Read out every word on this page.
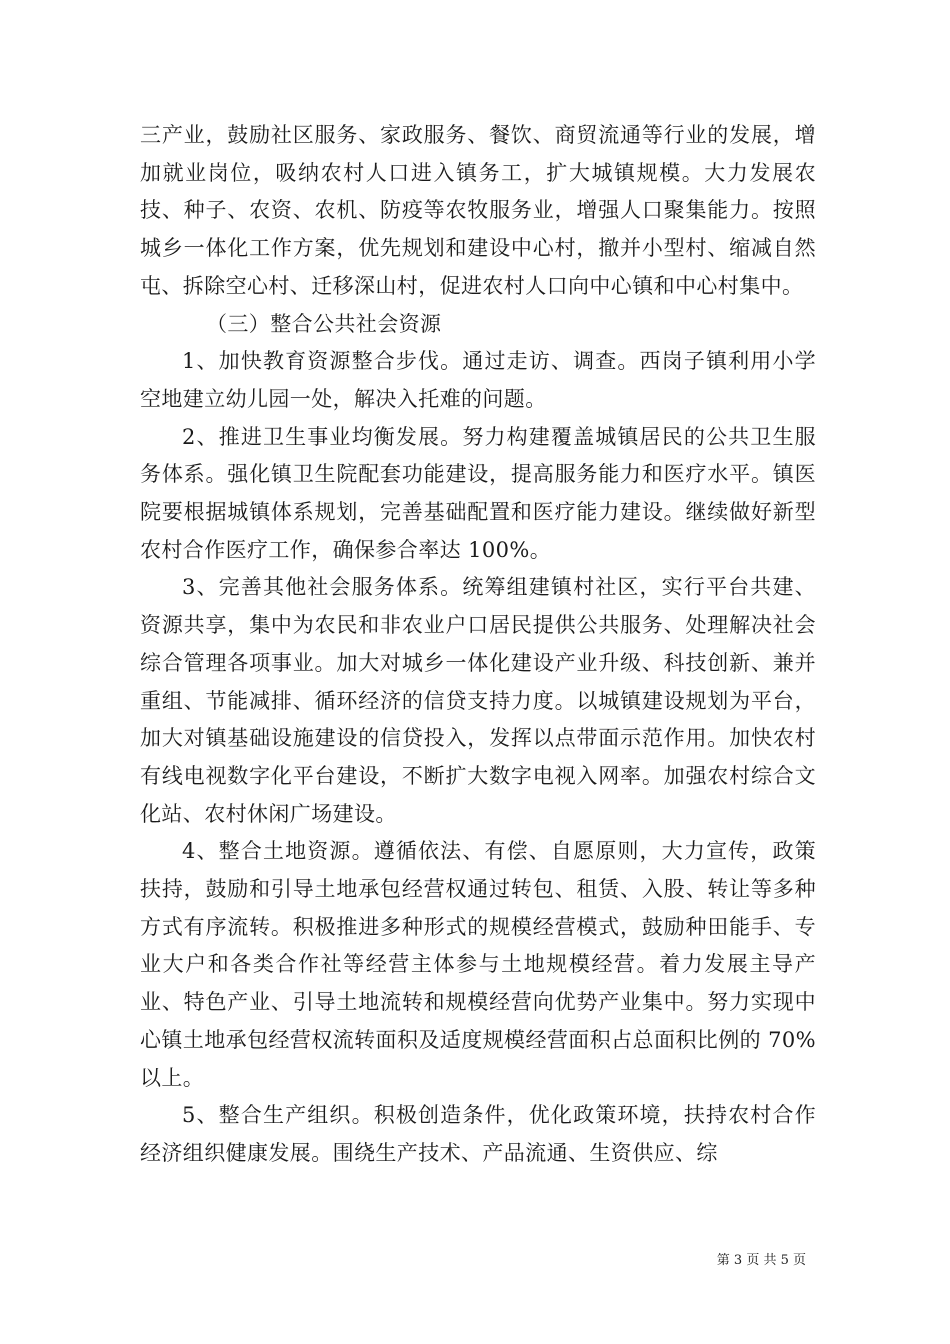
三产业，鼓励社区服务、家政服务、餐饮、商贸流通等行业的发展，增加就业岗位，吸纳农村人口进入镇务工，扩大城镇规模。大力发展农技、种子、农资、农机、防疫等农牧服务业，增强人口聚集能力。按照城乡一体化工作方案，优先规划和建设中心村，撤并小型村、缩减自然屯、拆除空心村、迁移深山村，促进农村人口向中心镇和中心村集中。

（三）整合公共社会资源

1、加快教育资源整合步伐。通过走访、调查。西岗子镇利用小学空地建立幼儿园一处，解决入托难的问题。

2、推进卫生事业均衡发展。努力构建覆盖城镇居民的公共卫生服务体系。强化镇卫生院配套功能建设，提高服务能力和医疗水平。镇医院要根据城镇体系规划，完善基础配置和医疗能力建设。继续做好新型农村合作医疗工作，确保参合率达 100%。

3、完善其他社会服务体系。统筹组建镇村社区，实行平台共建、资源共享，集中为农民和非农业户口居民提供公共服务、处理解决社会综合管理各项事业。加大对城乡一体化建设产业升级、科技创新、兼并重组、节能减排、循环经济的信贷支持力度。以城镇建设规划为平台，加大对镇基础设施建设的信贷投入，发挥以点带面示范作用。加快农村有线电视数字化平台建设，不断扩大数字电视入网率。加强农村综合文化站、农村休闲广场建设。

4、整合土地资源。遵循依法、有偿、自愿原则，大力宣传，政策扶持，鼓励和引导土地承包经营权通过转包、租赁、入股、转让等多种方式有序流转。积极推进多种形式的规模经营模式，鼓励种田能手、专业大户和各类合作社等经营主体参与土地规模经营。着力发展主导产业、特色产业、引导土地流转和规模经营向优势产业集中。努力实现中心镇土地承包经营权流转面积及适度规模经营面积占总面积比例的 70%以上。

5、整合生产组织。积极创造条件，优化政策环境，扶持农村合作经济组织健康发展。围绕生产技术、产品流通、生资供应、综

第 3 页 共 5 页
